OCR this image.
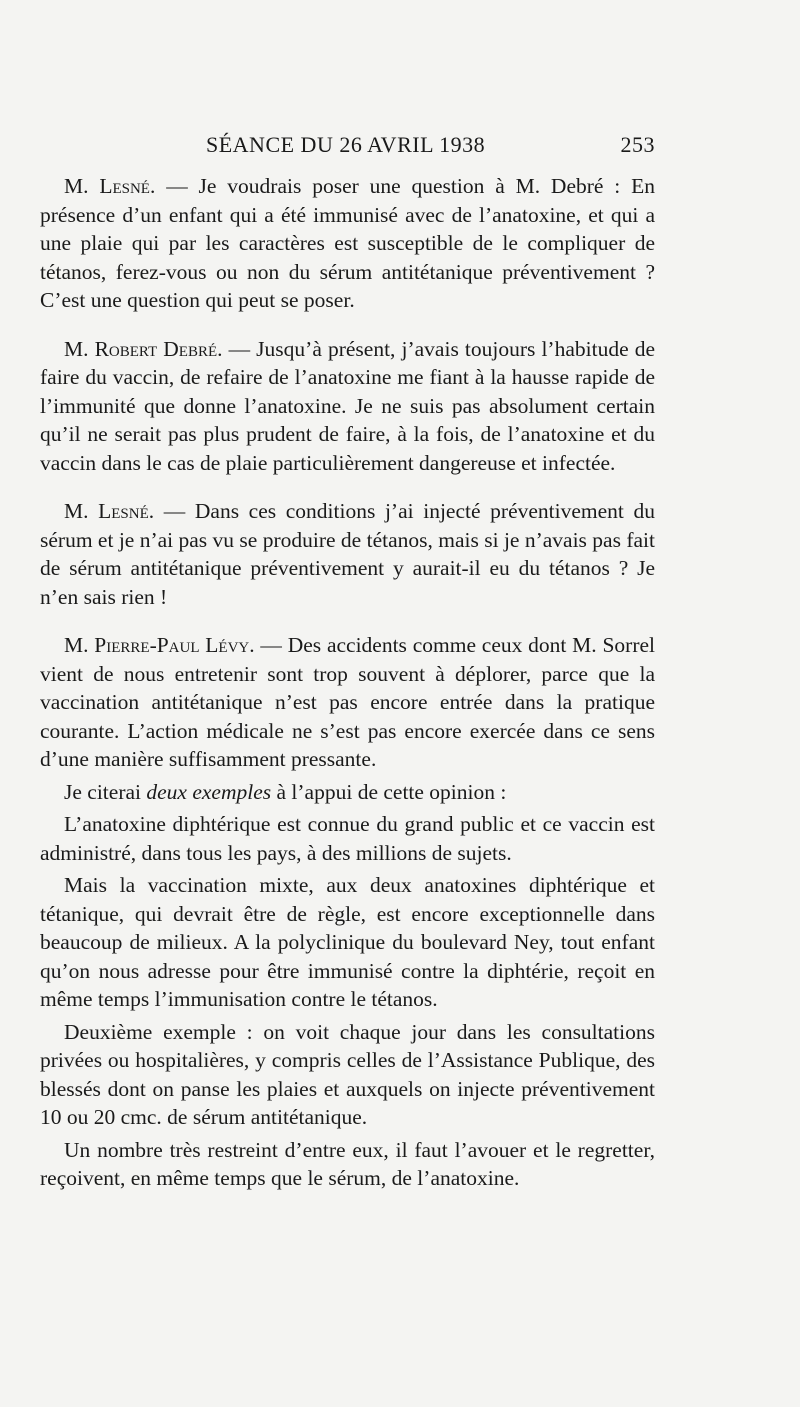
SÉANCE DU 26 AVRIL 1938	253

M. Lesné. — Je voudrais poser une question à M. Debré : En présence d’un enfant qui a été immunisé avec de l’anatoxine, et qui a une plaie qui par les caractères est susceptible de le compliquer de tétanos, ferez-vous ou non du sérum antitétanique préventivement ? C’est une question qui peut se poser.

M. Robert Debré. — Jusqu’à présent, j’avais toujours l’habitude de faire du vaccin, de refaire de l’anatoxine me fiant à la hausse rapide de l’immunité que donne l’anatoxine. Je ne suis pas absolument certain qu’il ne serait pas plus prudent de faire, à la fois, de l’anatoxine et du vaccin dans le cas de plaie particulièrement dangereuse et infectée.

M. Lesné. — Dans ces conditions j’ai injecté préventivement du sérum et je n’ai pas vu se produire de tétanos, mais si je n’avais pas fait de sérum antitétanique préventivement y aurait-il eu du tétanos ? Je n’en sais rien !

M. Pierre-Paul Lévy. — Des accidents comme ceux dont M. Sorrel vient de nous entretenir sont trop souvent à déplorer, parce que la vaccination antitétanique n’est pas encore entrée dans la pratique courante. L’action médicale ne s’est pas encore exercée dans ce sens d’une manière suffisamment pressante.

Je citerai deux exemples à l’appui de cette opinion :

L’anatoxine diphtérique est connue du grand public et ce vaccin est administré, dans tous les pays, à des millions de sujets.

Mais la vaccination mixte, aux deux anatoxines diphtérique et tétanique, qui devrait être de règle, est encore exceptionnelle dans beaucoup de milieux. A la polyclinique du boulevard Ney, tout enfant qu’on nous adresse pour être immunisé contre la diphtérie, reçoit en même temps l’immunisation contre le tétanos.

Deuxième exemple : on voit chaque jour dans les consultations privées ou hospitalières, y compris celles de l’Assistance Publique, des blessés dont on panse les plaies et auxquels on injecte préventivement 10 ou 20 cmc. de sérum antitétanique.

Un nombre très restreint d’entre eux, il faut l’avouer et le regretter, reçoivent, en même temps que le sérum, de l’anatoxine.
